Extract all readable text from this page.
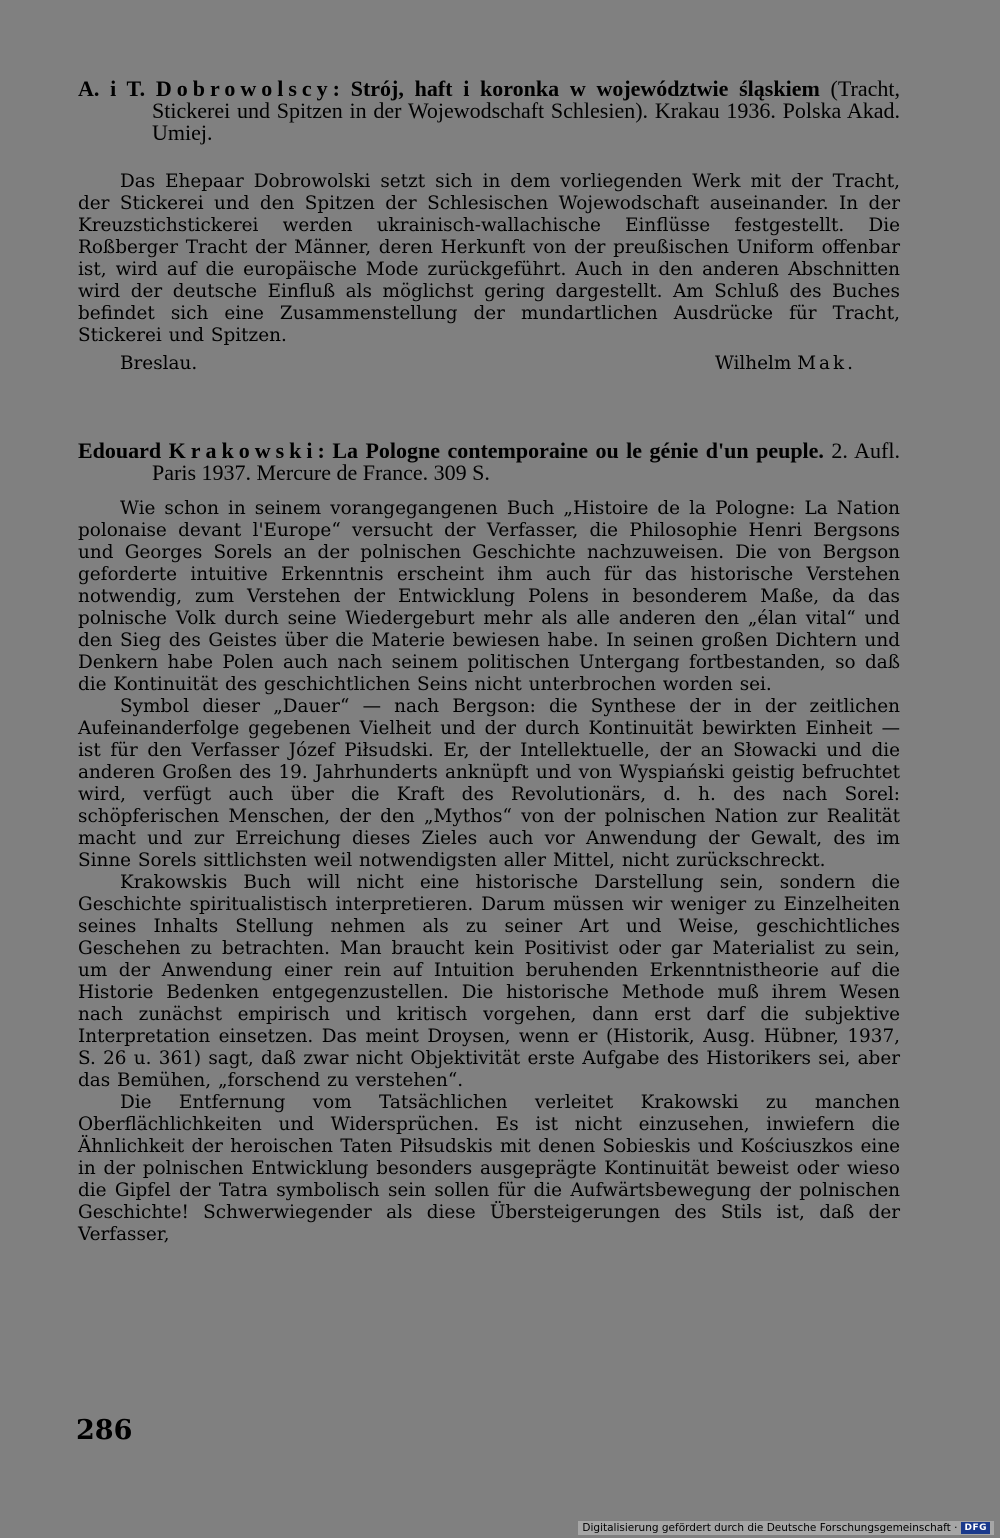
A. i T. Dobrowolscy: Strój, haft i koronka w województwie śląskiem (Tracht, Stickerei und Spitzen in der Wojewodschaft Schlesien). Krakau 1936. Polska Akad. Umiej.

Das Ehepaar Dobrowolski setzt sich in dem vorliegenden Werk mit der Tracht, der Stickerei und den Spitzen der Schlesischen Wojewodschaft auseinander. In der Kreuzstichstickerei werden ukrainisch-wallachische Einflüsse festgestellt. Die Roßberger Tracht der Männer, deren Herkunft von der preußischen Uniform offenbar ist, wird auf die europäische Mode zurückgeführt. Auch in den anderen Abschnitten wird der deutsche Einfluß als möglichst gering dargestellt. Am Schluß des Buches befindet sich eine Zusammenstellung der mundartlichen Ausdrücke für Tracht, Stickerei und Spitzen.

Breslau.	Wilhelm Mak.

Edouard Krakowski: La Pologne contemporaine ou le génie d'un peuple. 2. Aufl. Paris 1937. Mercure de France. 309 S.

Wie schon in seinem vorangegangenen Buch „Histoire de la Pologne: La Nation polonaise devant l'Europe“ versucht der Verfasser, die Philosophie Henri Bergsons und Georges Sorels an der polnischen Geschichte nachzuweisen. Die von Bergson geforderte intuitive Erkenntnis erscheint ihm auch für das historische Verstehen notwendig, zum Verstehen der Entwicklung Polens in besonderem Maße, da das polnische Volk durch seine Wiedergeburt mehr als alle anderen den „élan vital“ und den Sieg des Geistes über die Materie bewiesen habe. In seinen großen Dichtern und Denkern habe Polen auch nach seinem politischen Untergang fortbestanden, so daß die Kontinuität des geschichtlichen Seins nicht unterbrochen worden sei.

Symbol dieser „Dauer“ — nach Bergson: die Synthese der in der zeitlichen Aufeinanderfolge gegebenen Vielheit und der durch Kontinuität bewirkten Einheit — ist für den Verfasser Józef Piłsudski. Er, der Intellektuelle, der an Słowacki und die anderen Großen des 19. Jahrhunderts anknüpft und von Wyspiański geistig befruchtet wird, verfügt auch über die Kraft des Revolutionärs, d. h. des nach Sorel: schöpferischen Menschen, der den „Mythos“ von der polnischen Nation zur Realität macht und zur Erreichung dieses Zieles auch vor Anwendung der Gewalt, des im Sinne Sorels sittlichsten weil notwendigsten aller Mittel, nicht zurückschreckt.

Krakowskis Buch will nicht eine historische Darstellung sein, sondern die Geschichte spiritualistisch interpretieren. Darum müssen wir weniger zu Einzelheiten seines Inhalts Stellung nehmen als zu seiner Art und Weise, geschichtliches Geschehen zu betrachten. Man braucht kein Positivist oder gar Materialist zu sein, um der Anwendung einer rein auf Intuition beruhenden Erkenntnistheorie auf die Historie Bedenken entgegenzustellen. Die historische Methode muß ihrem Wesen nach zunächst empirisch und kritisch vorgehen, dann erst darf die subjektive Interpretation einsetzen. Das meint Droysen, wenn er (Historik, Ausg. Hübner, 1937, S. 26 u. 361) sagt, daß zwar nicht Objektivität erste Aufgabe des Historikers sei, aber das Bemühen, „forschend zu verstehen“.

Die Entfernung vom Tatsächlichen verleitet Krakowski zu manchen Oberflächlichkeiten und Widersprüchen. Es ist nicht einzusehen, inwiefern die Ähnlichkeit der heroischen Taten Piłsudskis mit denen Sobieskis und Kościuszkos eine in der polnischen Entwicklung besonders ausgeprägte Kontinuität beweist oder wieso die Gipfel der Tatra symbolisch sein sollen für die Aufwärtsbewegung der polnischen Geschichte! Schwerwiegender als diese Übersteigerungen des Stils ist, daß der Verfasser,

286
Digitalisierung gefördert durch die Deutsche Forschungsgemeinschaft · DFG
